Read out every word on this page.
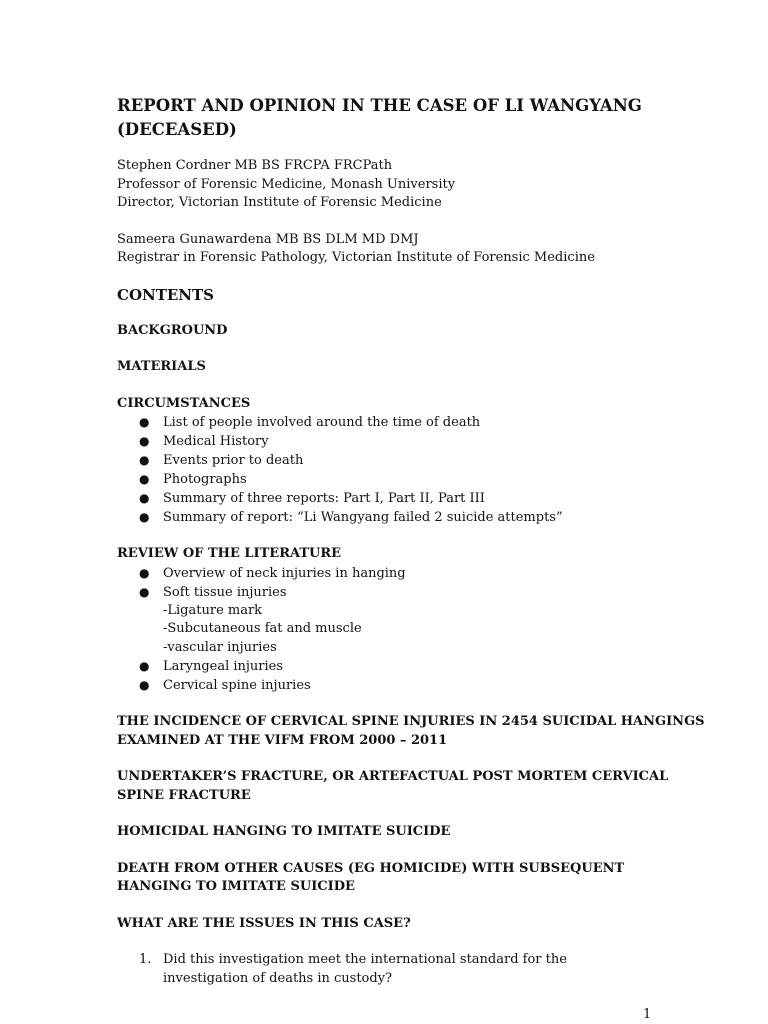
REPORT AND OPINION IN THE CASE OF LI WANGYANG (DECEASED)
Stephen Cordner MB BS FRCPA FRCPath
Professor of Forensic Medicine, Monash University
Director, Victorian Institute of Forensic Medicine
Sameera Gunawardena MB BS DLM MD DMJ
Registrar in Forensic Pathology, Victorian Institute of Forensic Medicine
CONTENTS
BACKGROUND
MATERIALS
CIRCUMSTANCES
● List of people involved around the time of death
● Medical History
● Events prior to death
● Photographs
● Summary of three reports: Part I, Part II, Part III
● Summary of report: “Li Wangyang failed 2 suicide attempts”
REVIEW OF THE LITERATURE
● Overview of neck injuries in hanging
● Soft tissue injuries
-Ligature mark
-Subcutaneous fat and muscle
-vascular injuries
● Laryngeal injuries
● Cervical spine injuries
THE INCIDENCE OF CERVICAL SPINE INJURIES IN 2454 SUICIDAL HANGINGS
EXAMINED AT THE VIFM FROM 2000 – 2011
UNDERTAKER’S FRACTURE, OR ARTEFACTUAL POST MORTEM CERVICAL
SPINE FRACTURE
HOMICIDAL HANGING TO IMITATE SUICIDE
DEATH FROM OTHER CAUSES (EG HOMICIDE) WITH SUBSEQUENT
HANGING TO IMITATE SUICIDE
WHAT ARE THE ISSUES IN THIS CASE?
1. Did this investigation meet the international standard for the
investigation of deaths in custody?
1
